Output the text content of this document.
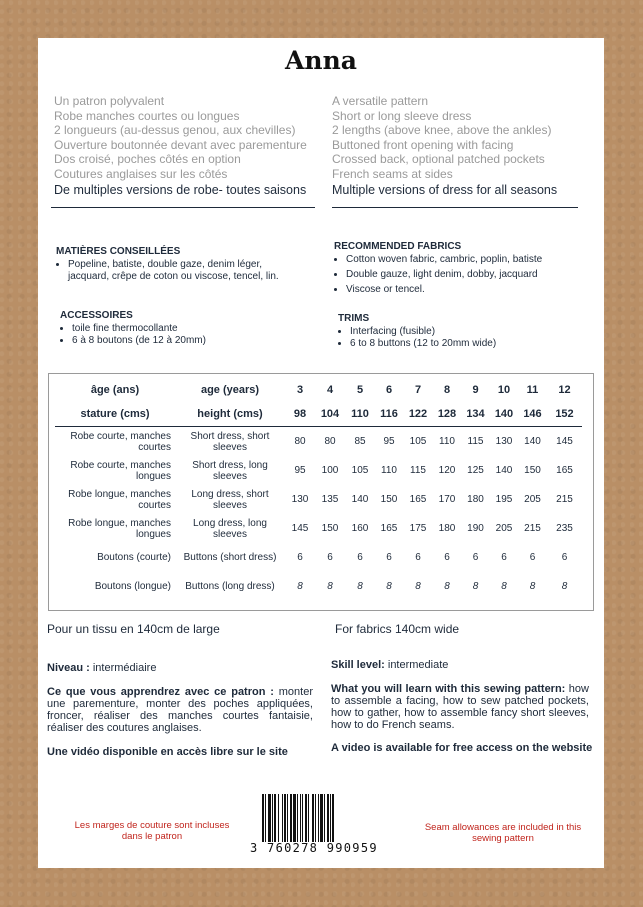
Anna
Un patron polyvalent
Robe manches courtes ou longues
2 longueurs (au-dessus genou, aux chevilles)
Ouverture boutonnée devant avec parementure
Dos croisé, poches côtés en option
Coutures anglaises sur les côtés
De multiples versions de robe- toutes saisons
A versatile pattern
Short or long sleeve dress
2 lengths (above knee, above the ankles)
Buttoned front opening with facing
Crossed back, optional patched pockets
French seams at sides
Multiple versions of dress for all seasons
MATIÈRES CONSEILLÉES
• Popeline, batiste, double gaze, denim léger, jacquard, crêpe de coton ou viscose, tencel, lin.
RECOMMENDED FABRICS
• Cotton woven fabric, cambric, poplin, batiste
• Double gauze, light denim, dobby, jacquard
• Viscose or tencel.
ACCESSOIRES
• toile fine thermocollante
• 6 à 8 boutons (de 12 à 20mm)
TRIMS
• Interfacing (fusible)
• 6 to 8 buttons (12 to 20mm wide)
âge (ans)	age (years)	3	4	5	6	7	8	9	10	11	12
stature (cms)	height (cms)	98	104	110	116	122	128	134	140	146	152
Robe courte, manches courtes	Short dress, short sleeves	80	80	85	95	105	110	115	130	140	145
Robe courte, manches longues	Short dress, long sleeves	95	100	105	110	115	120	125	140	150	165
Robe longue, manches courtes	Long dress, short sleeves	130	135	140	150	165	170	180	195	205	215
Robe longue, manches longues	Long dress, long sleeves	145	150	160	165	175	180	190	205	215	235
Boutons (courte)	Buttons (short dress)	6	6	6	6	6	6	6	6	6	6
Boutons (longue)	Buttons (long dress)	8	8	8	8	8	8	8	8	8	8
Pour un tissu en 140cm de large	For fabrics 140cm wide
Niveau : intermédiaire	Skill level: intermediate
Ce que vous apprendrez avec ce patron : monter une parementure, monter des poches appliquées, froncer, réaliser des manches courtes fantaisie, réaliser des coutures anglaises.
What you will learn with this sewing pattern: how to assemble a facing, how to sew patched pockets, how to gather, how to assemble fancy short sleeves, how to do French seams.
Une vidéo disponible en accès libre sur le site	A video is available for free access on the website
Les marges de couture sont incluses dans le patron
Seam allowances are included in this sewing pattern
3 760278 990959
